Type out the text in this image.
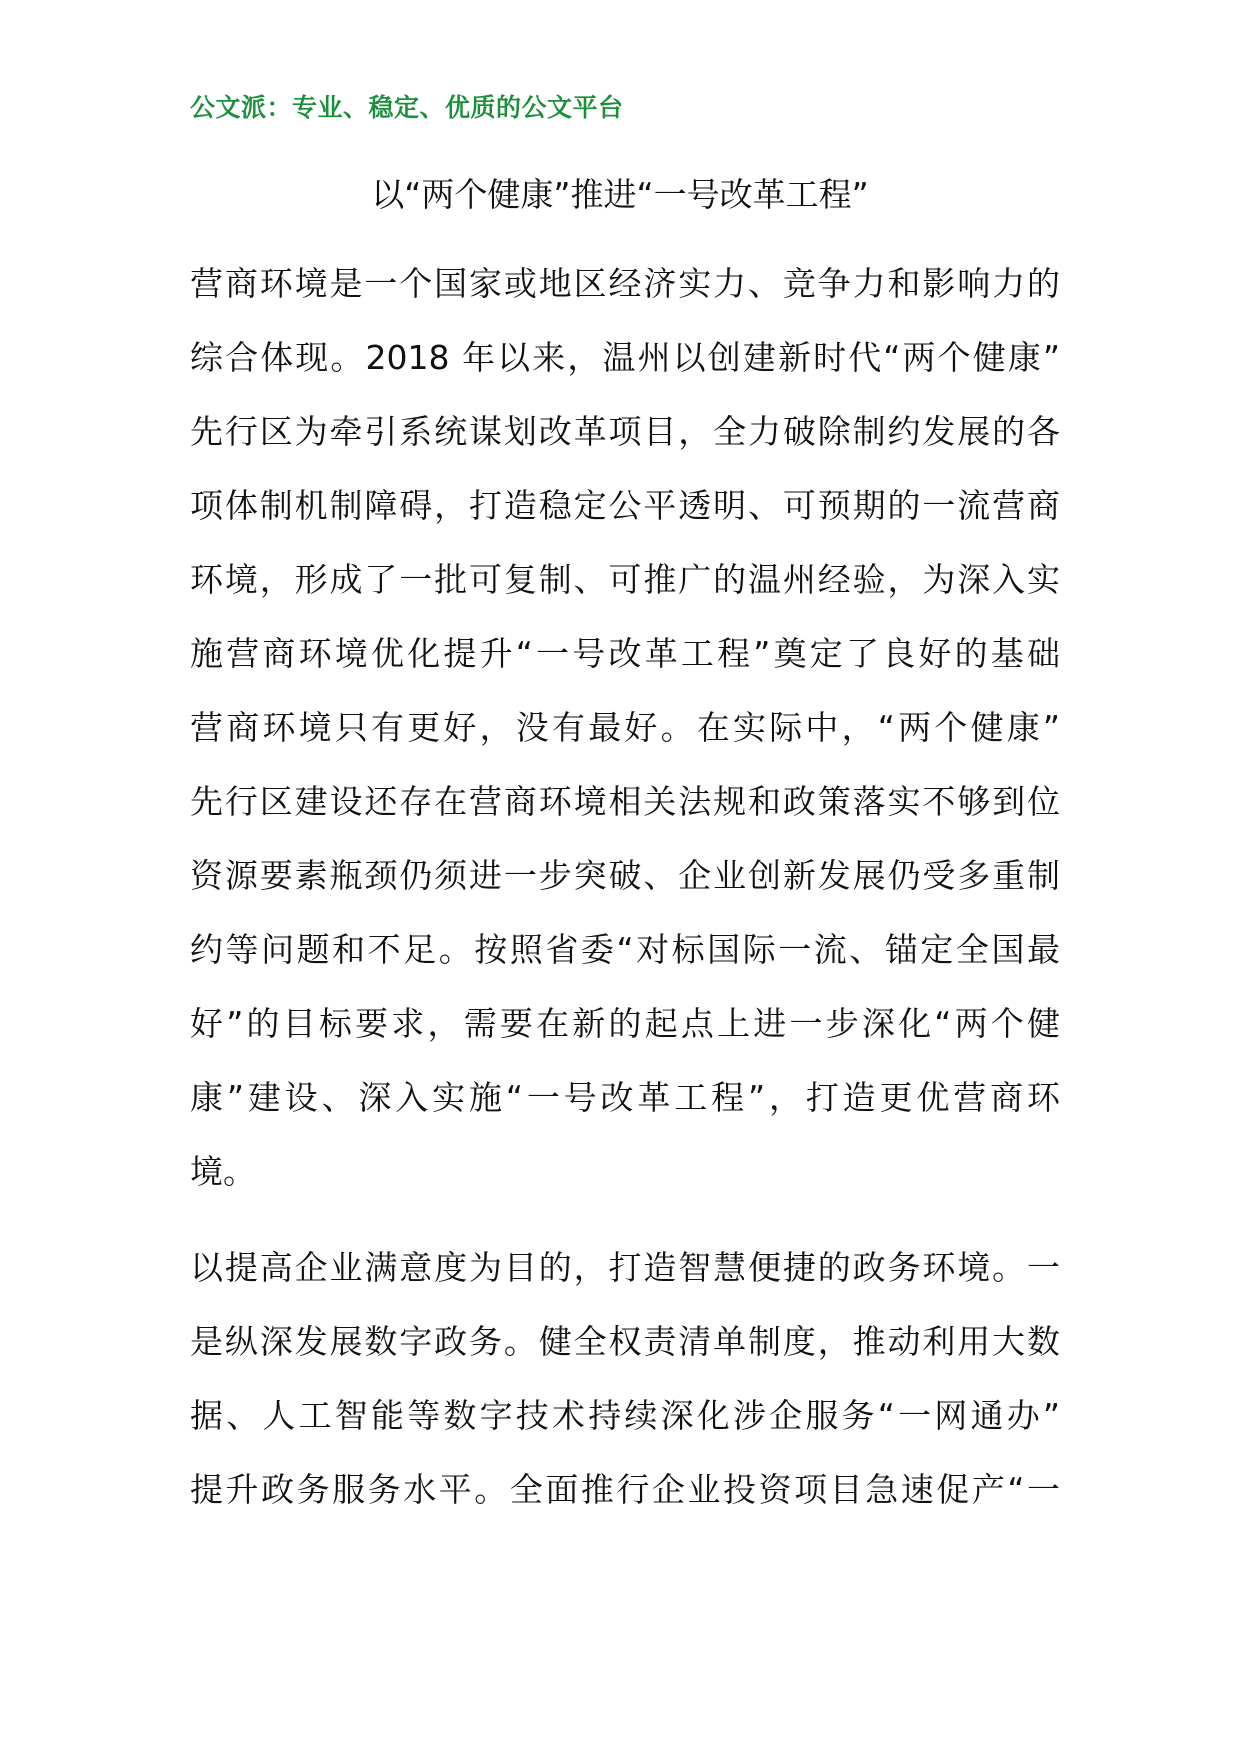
公文派：专业、稳定、优质的公文平台
以“两个健康”推进“一号改革工程”
营商环境是一个国家或地区经济实力、竞争力和影响力的
综合体现。2018 年以来，温州以创建新时代“两个健康”
先行区为牵引系统谋划改革项目，全力破除制约发展的各
项体制机制障碍，打造稳定公平透明、可预期的一流营商
环境，形成了一批可复制、可推广的温州经验，为深入实
施营商环境优化提升“一号改革工程”奠定了良好的基础
营商环境只有更好，没有最好。在实际中，“两个健康”
先行区建设还存在营商环境相关法规和政策落实不够到位
资源要素瓶颈仍须进一步突破、企业创新发展仍受多重制
约等问题和不足。按照省委“对标国际一流、锚定全国最
好”的目标要求，需要在新的起点上进一步深化“两个健
康”建设、深入实施“一号改革工程”，打造更优营商环
境。
以提高企业满意度为目的，打造智慧便捷的政务环境。一
是纵深发展数字政务。健全权责清单制度，推动利用大数
据、人工智能等数字技术持续深化涉企服务“一网通办”
提升政务服务水平。全面推行企业投资项目急速促产“一
